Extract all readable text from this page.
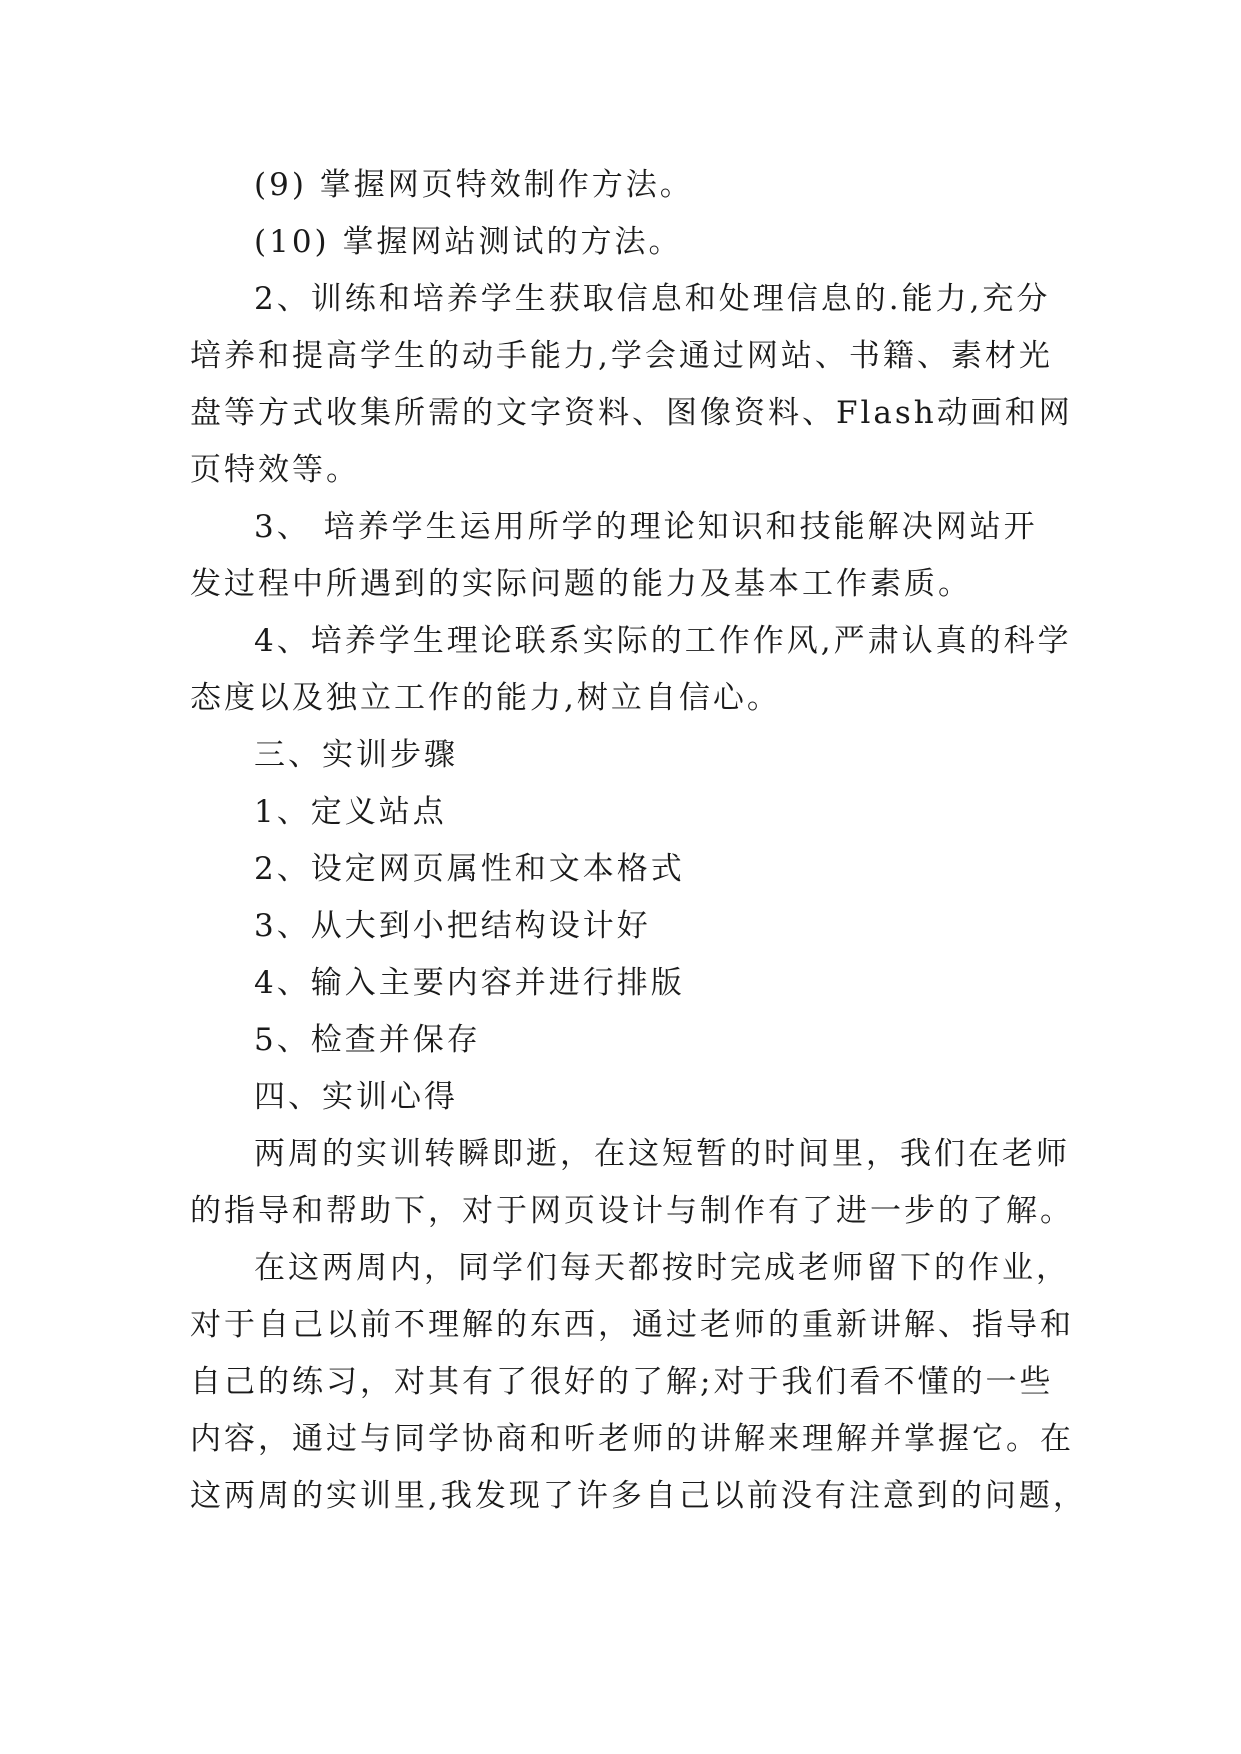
(9) 掌握网页特效制作方法。

(10) 掌握网站测试的方法。

2、训练和培养学生获取信息和处理信息的.能力,充分

培养和提高学生的动手能力,学会通过网站、书籍、素材光

盘等方式收集所需的文字资料、图像资料、Flash动画和网

页特效等。

3、 培养学生运用所学的理论知识和技能解决网站开

发过程中所遇到的实际问题的能力及基本工作素质。

4、培养学生理论联系实际的工作作风,严肃认真的科学

态度以及独立工作的能力,树立自信心。

三、实训步骤

1、定义站点

2、设定网页属性和文本格式

3、从大到小把结构设计好

4、输入主要内容并进行排版

5、检查并保存

四、实训心得

两周的实训转瞬即逝，在这短暂的时间里，我们在老师

的指导和帮助下，对于网页设计与制作有了进一步的了解。

在这两周内，同学们每天都按时完成老师留下的作业，

对于自己以前不理解的东西，通过老师的重新讲解、指导和

自己的练习，对其有了很好的了解;对于我们看不懂的一些

内容，通过与同学协商和听老师的讲解来理解并掌握它。在

这两周的实训里,我发现了许多自己以前没有注意到的问题，
